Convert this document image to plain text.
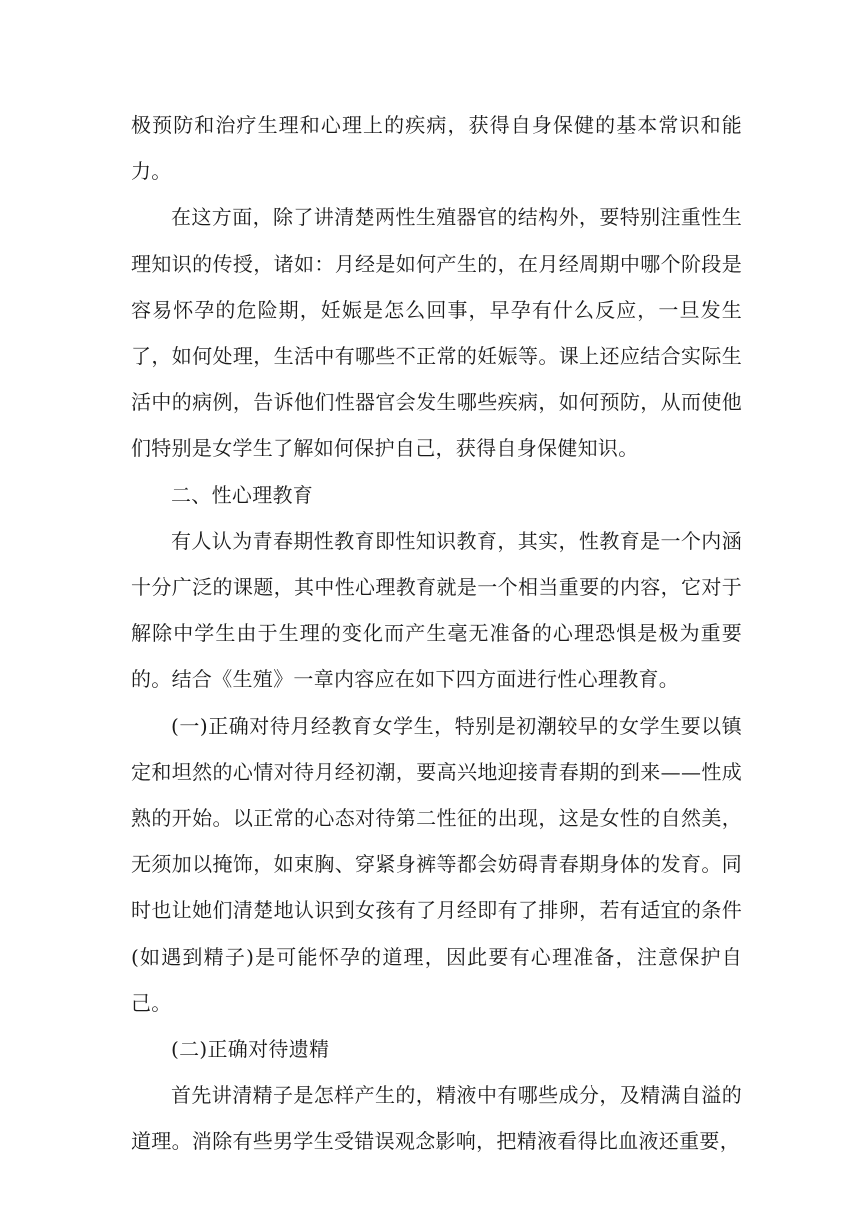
极预防和治疗生理和心理上的疾病，获得自身保健的基本常识和能力。

在这方面，除了讲清楚两性生殖器官的结构外，要特别注重性生理知识的传授，诸如：月经是如何产生的，在月经周期中哪个阶段是容易怀孕的危险期，妊娠是怎么回事，早孕有什么反应，一旦发生了，如何处理，生活中有哪些不正常的妊娠等。课上还应结合实际生活中的病例，告诉他们性器官会发生哪些疾病，如何预防，从而使他们特别是女学生了解如何保护自己，获得自身保健知识。

二、性心理教育

有人认为青春期性教育即性知识教育，其实，性教育是一个内涵十分广泛的课题，其中性心理教育就是一个相当重要的内容，它对于解除中学生由于生理的变化而产生毫无准备的心理恐惧是极为重要的。结合《生殖》一章内容应在如下四方面进行性心理教育。

(一)正确对待月经教育女学生，特别是初潮较早的女学生要以镇定和坦然的心情对待月经初潮，要高兴地迎接青春期的到来——性成熟的开始。以正常的心态对待第二性征的出现，这是女性的自然美，无须加以掩饰，如束胸、穿紧身裤等都会妨碍青春期身体的发育。同时也让她们清楚地认识到女孩有了月经即有了排卵，若有适宜的条件(如遇到精子)是可能怀孕的道理，因此要有心理准备，注意保护自己。

(二)正确对待遗精

首先讲清精子是怎样产生的，精液中有哪些成分，及精满自溢的道理。消除有些男学生受错误观念影响，把精液看得比血液还重要，
